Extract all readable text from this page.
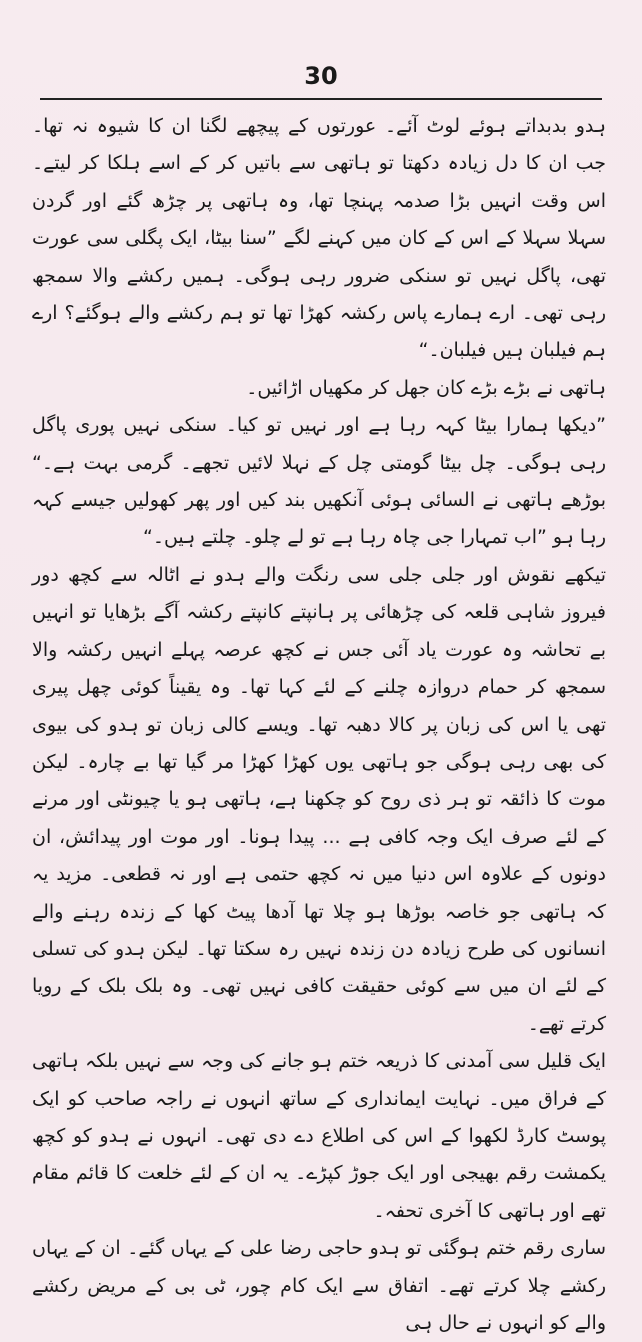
30

ہدو بدبداتے ہوئے لوٹ آئے۔ عورتوں کے پیچھے لگنا ان کا شیوہ نہ تھا۔ جب ان کا دل زیادہ دکھتا تو ہاتھی سے باتیں کر کے اسے ہلکا کر لیتے۔ اس وقت انہیں بڑا صدمہ پہنچا تھا، وہ ہاتھی پر چڑھ گئے اور گردن سہلا سہلا کے اس کے کان میں کہنے لگے ”سنا بیٹا، ایک پگلی سی عورت تھی، پاگل نہیں تو سنکی ضرور رہی ہوگی۔ ہمیں رکشے والا سمجھ رہی تھی۔ ارے ہمارے پاس رکشہ کھڑا تھا تو ہم رکشے والے ہوگئے؟ ارے ہم فیلبان ہیں فیلبان۔“

ہاتھی نے بڑے بڑے کان جھل کر مکھیاں اڑائیں۔

”دیکھا ہمارا بیٹا کہہ رہا ہے اور نہیں تو کیا۔ سنکی نہیں پوری پاگل رہی ہوگی۔ چل بیٹا گومتی چل کے نہلا لائیں تجھے۔ گرمی بہت ہے۔“ بوڑھے ہاتھی نے السائی ہوئی آنکھیں بند کیں اور پھر کھولیں جیسے کہہ رہا ہو ”اب تمہارا جی چاہ رہا ہے تو لے چلو۔ چلتے ہیں۔“

تیکھے نقوش اور جلی جلی سی رنگت والے ہدو نے اٹالہ سے کچھ دور فیروز شاہی قلعہ کی چڑھائی پر ہانپتے کانپتے رکشہ آگے بڑھایا تو انہیں بے تحاشہ وہ عورت یاد آئی جس نے کچھ عرصہ پہلے انہیں رکشہ والا سمجھ کر حمام دروازہ چلنے کے لئے کہا تھا۔ وہ یقیناً کوئی چھل پیری تھی یا اس کی زبان پر کالا دھبہ تھا۔ ویسے کالی زبان تو ہدو کی بیوی کی بھی رہی ہوگی جو ہاتھی یوں کھڑا کھڑا مر گیا تھا بے چارہ۔ لیکن موت کا ذائقہ تو ہر ذی روح کو چکھنا ہے، ہاتھی ہو یا چیونٹی اور مرنے کے لئے صرف ایک وجہ کافی ہے ... پیدا ہونا۔ اور موت اور پیدائش، ان دونوں کے علاوہ اس دنیا میں نہ کچھ حتمی ہے اور نہ قطعی۔ مزید یہ کہ ہاتھی جو خاصہ بوڑھا ہو چلا تھا آدھا پیٹ کھا کے زندہ رہنے والے انسانوں کی طرح زیادہ دن زندہ نہیں رہ سکتا تھا۔ لیکن ہدو کی تسلی کے لئے ان میں سے کوئی حقیقت کافی نہیں تھی۔ وہ بلک بلک کے رویا کرتے تھے۔

ایک قلیل سی آمدنی کا ذریعہ ختم ہو جانے کی وجہ سے نہیں بلکہ ہاتھی کے فراق میں۔ نہایت ایمانداری کے ساتھ انہوں نے راجہ صاحب کو ایک پوسٹ کارڈ لکھوا کے اس کی اطلاع دے دی تھی۔ انہوں نے ہدو کو کچھ یکمشت رقم بھیجی اور ایک جوڑ کپڑے۔ یہ ان کے لئے خلعت کا قائم مقام تھے اور ہاتھی کا آخری تحفہ۔

ساری رقم ختم ہوگئی تو ہدو حاجی رضا علی کے یہاں گئے۔ ان کے یہاں رکشے چلا کرتے تھے۔ اتفاق سے ایک کام چور، ٹی بی کے مریض رکشے والے کو انہوں نے حال ہی
